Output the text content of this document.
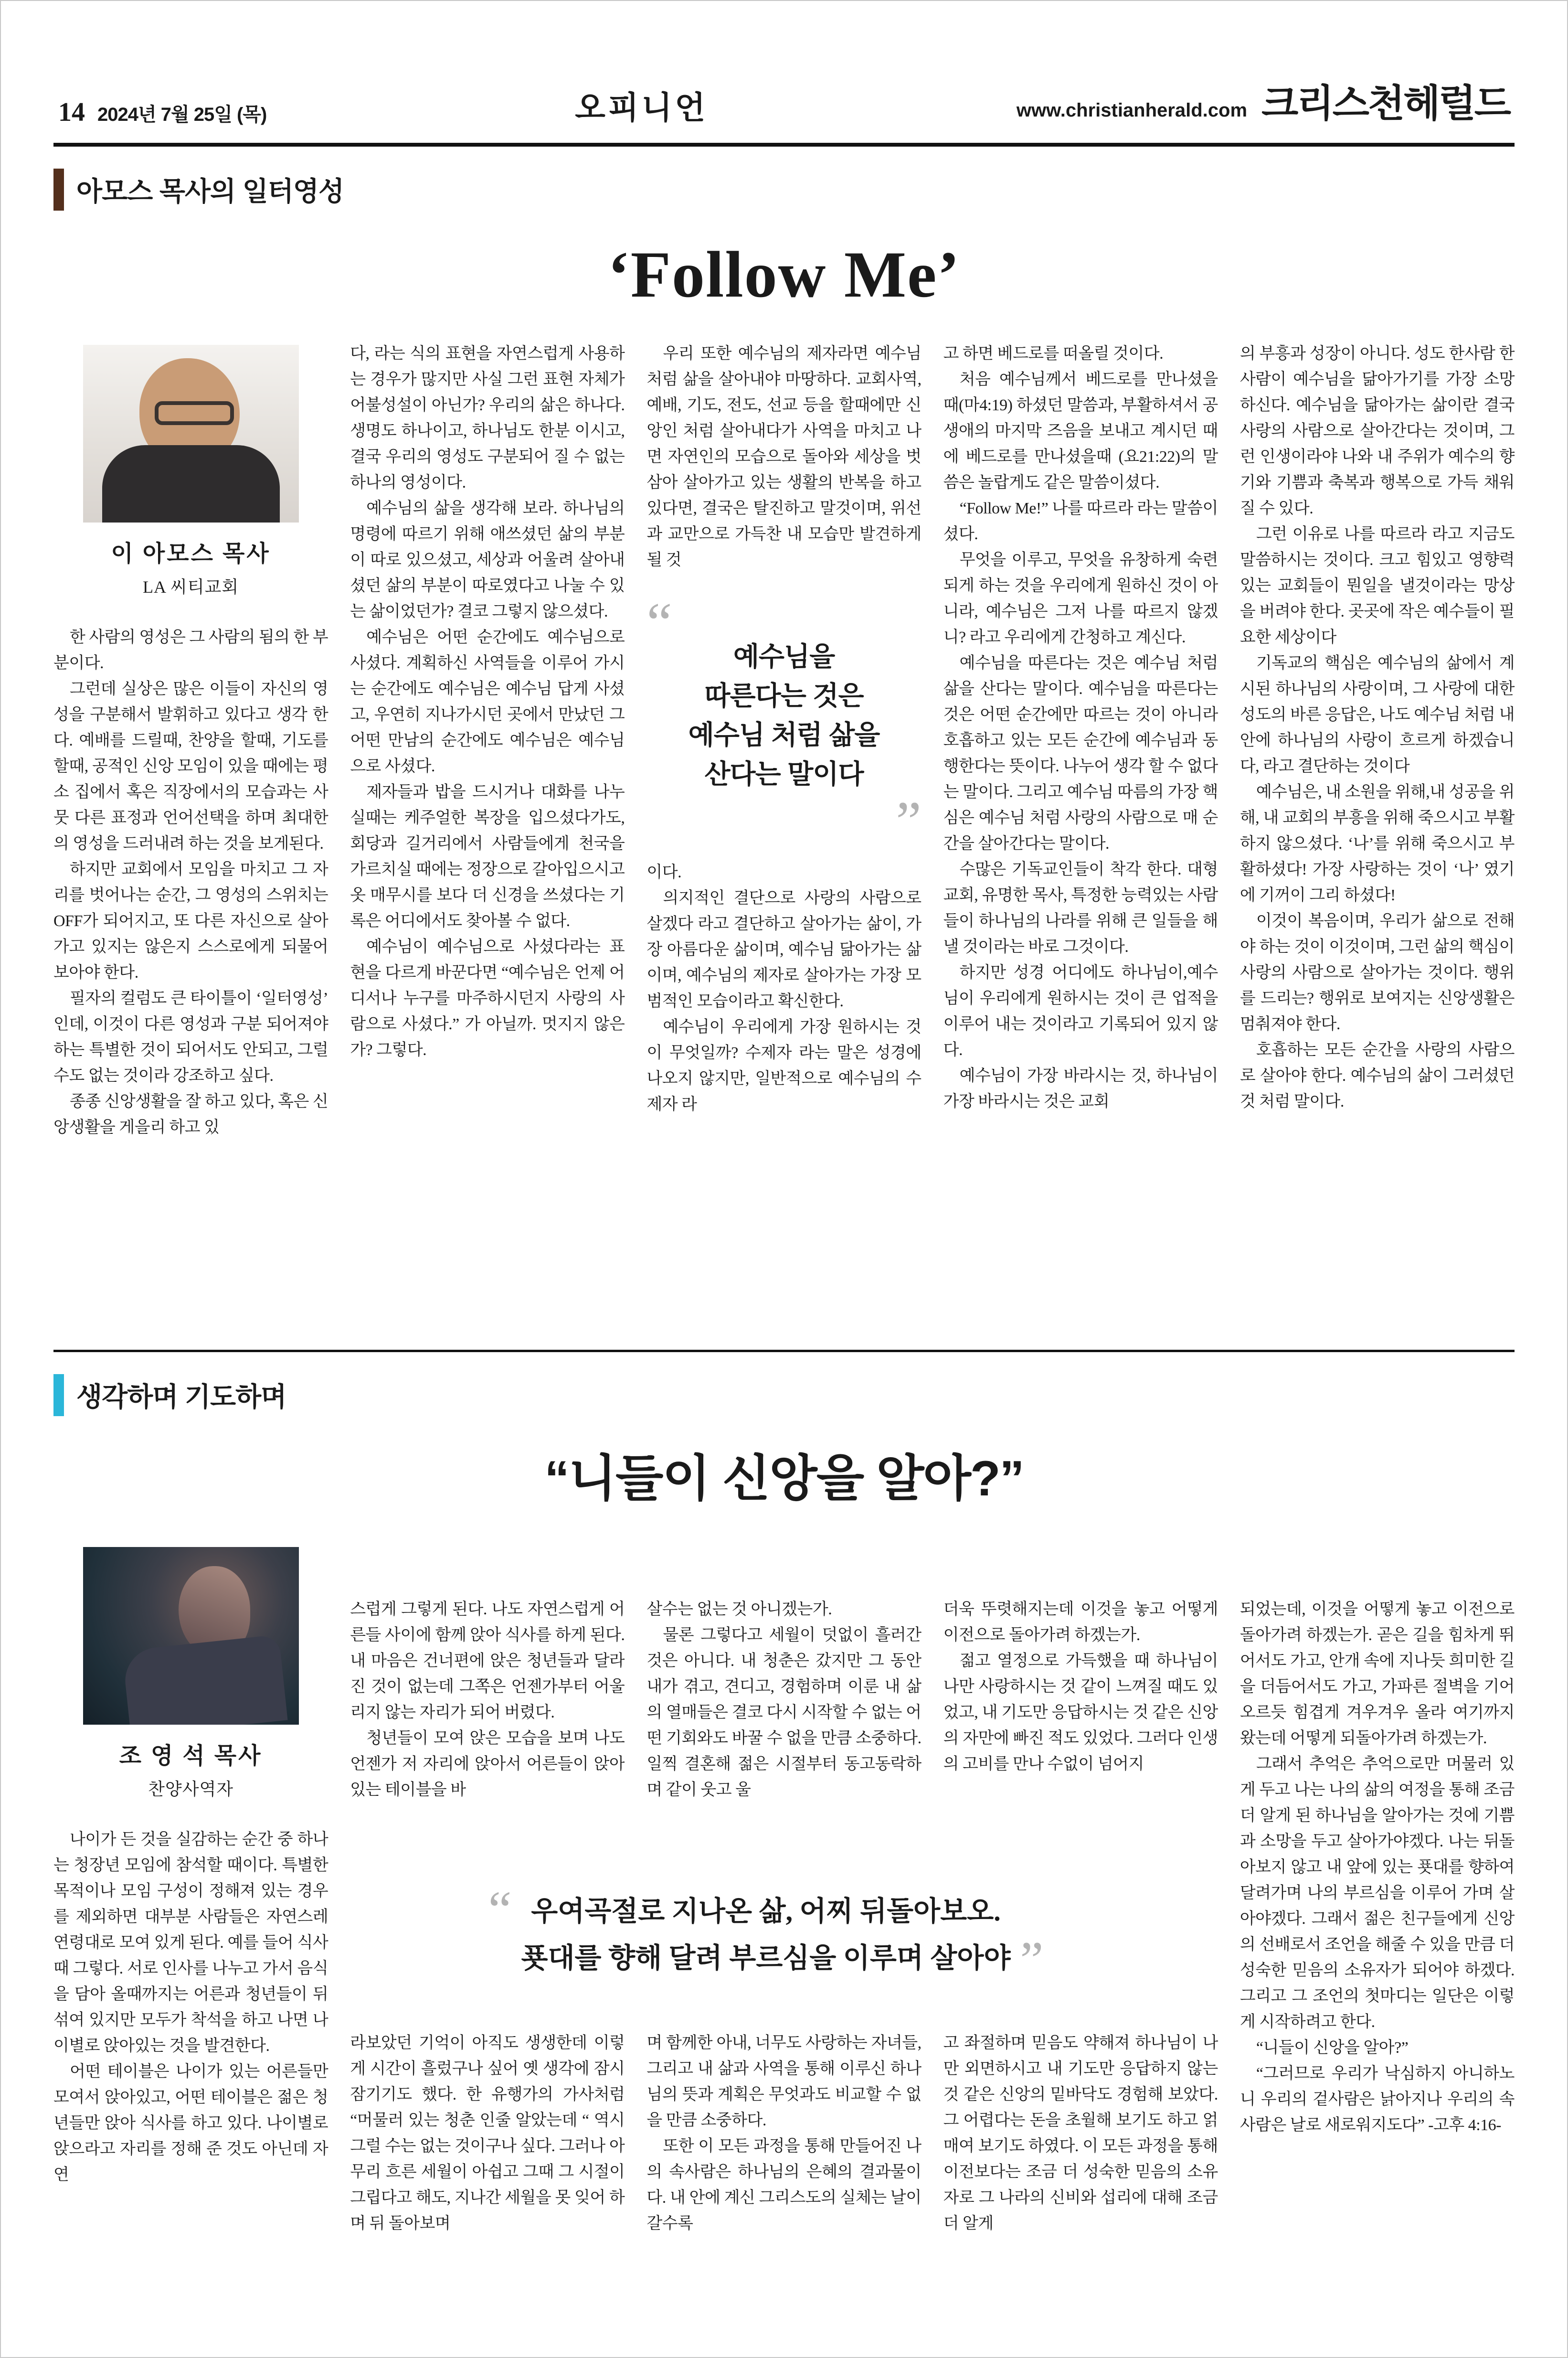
14 2024년 7월 25일 (목)	오피니언	www.christianherald.com 크리스천헤럴드
아모스 목사의 일터영성
‘Follow Me’
이 아모스 목사
LA 씨티교회

한 사람의 영성은 그 사람의 됨의 한 부분이다.

그런데 실상은 많은 이들이 자신의 영성을 구분해서 발휘하고 있다고 생각 한다. 예배를 드릴때, 찬양을 할때, 기도를 할때, 공적인 신앙 모임이 있을 때에는 평소 집에서 혹은 직장에서의 모습과는 사뭇 다른 표정과 언어선택을 하며 최대한의 영성을 드러내려 하는 것을 보게된다.

하지만 교회에서 모임을 마치고 그 자리를 벗어나는 순간, 그 영성의 스위치는 OFF가 되어지고, 또 다른 자신으로 살아가고 있지는 않은지 스스로에게 되물어 보아야 한다.

필자의 컬럼도 큰 타이틀이 ‘일터영성’ 인데, 이것이 다른 영성과 구분 되어져야 하는 특별한 것이 되어서도 안되고, 그럴수도 없는 것이라 강조하고 싶다.

종종 신앙생활을 잘 하고 있다, 혹은 신앙생활을 게을리 하고 있

다, 라는 식의 표현을 자연스럽게 사용하는 경우가 많지만 사실 그런 표현 자체가 어불성설이 아닌가? 우리의 삶은 하나다. 생명도 하나이고, 하나님도 한분 이시고, 결국 우리의 영성도 구분되어 질 수 없는 하나의 영성이다.

예수님의 삶을 생각해 보라. 하나님의 명령에 따르기 위해 애쓰셨던 삶의 부분이 따로 있으셨고, 세상과 어울려 살아내셨던 삶의 부분이 따로였다고 나눌 수 있는 삶이었던가? 결코 그렇지 않으셨다.

예수님은 어떤 순간에도 예수님으로 사셨다. 계획하신 사역들을 이루어 가시는 순간에도 예수님은 예수님 답게 사셨고, 우연히 지나가시던 곳에서 만났던 그 어떤 만남의 순간에도 예수님은 예수님으로 사셨다.

제자들과 밥을 드시거나 대화를 나누실때는 케주얼한 복장을 입으셨다가도, 회당과 길거리에서 사람들에게 천국을 가르치실 때에는 정장으로 갈아입으시고 옷 매무시를 보다 더 신경을 쓰셨다는 기록은 어디에서도 찾아볼 수 없다.

예수님이 예수님으로 사셨다라는 표현을 다르게 바꾼다면 “예수님은 언제 어디서나 누구를 마주하시던지 사랑의 사람으로 사셨다.” 가 아닐까. 멋지지 않은가? 그렇다.

우리 또한 예수님의 제자라면 예수님 처럼 삶을 살아내야 마땅하다. 교회사역, 예배, 기도, 전도, 선교 등을 할때에만 신앙인 처럼 살아내다가 사역을 마치고 나면 자연인의 모습으로 돌아와 세상을 벗삼아 살아가고 있는 생활의 반복을 하고 있다면, 결국은 탈진하고 말것이며, 위선과 교만으로 가득찬 내 모습만 발견하게 될 것

“
예수님을
따른다는 것은
예수님 처럼 삶을
산다는 말이다
”

이다.

의지적인 결단으로 사랑의 사람으로 살겠다 라고 결단하고 살아가는 삶이, 가장 아름다운 삶이며, 예수님 닮아가는 삶이며, 예수님의 제자로 살아가는 가장 모범적인 모습이라고 확신한다.

예수님이 우리에게 가장 원하시는 것이 무엇일까? 수제자 라는 말은 성경에 나오지 않지만, 일반적으로 예수님의 수제자 라

고 하면 베드로를 떠올릴 것이다.

처음 예수님께서 베드로를 만나셨을때(마4:19) 하셨던 말씀과, 부활하셔서 공생애의 마지막 즈음을 보내고 계시던 때에 베드로를 만나셨을때 (요21:22)의 말씀은 놀랍게도 같은 말씀이셨다.

“Follow Me!” 나를 따르라 라는 말씀이셨다.

무엇을 이루고, 무엇을 유창하게 숙련되게 하는 것을 우리에게 원하신 것이 아니라, 예수님은 그저 나를 따르지 않겠니? 라고 우리에게 간청하고 계신다.

예수님을 따른다는 것은 예수님 처럼 삶을 산다는 말이다. 예수님을 따른다는 것은 어떤 순간에만 따르는 것이 아니라 호흡하고 있는 모든 순간에 예수님과 동행한다는 뜻이다. 나누어 생각 할 수 없다는 말이다. 그리고 예수님 따름의 가장 핵심은 예수님 처럼 사랑의 사람으로 매 순간을 살아간다는 말이다.

수많은 기독교인들이 착각 한다. 대형교회, 유명한 목사, 특정한 능력있는 사람들이 하나님의 나라를 위해 큰 일들을 해 낼 것이라는 바로 그것이다.

하지만 성경 어디에도 하나님이,예수님이 우리에게 원하시는 것이 큰 업적을 이루어 내는 것이라고 기록되어 있지 않다.

예수님이 가장 바라시는 것, 하나님이 가장 바라시는 것은 교회

의 부흥과 성장이 아니다. 성도 한사람 한사람이 예수님을 닮아가기를 가장 소망하신다. 예수님을 닮아가는 삶이란 결국 사랑의 사람으로 살아간다는 것이며, 그런 인생이라야 나와 내 주위가 예수의 향기와 기쁨과 축복과 행복으로 가득 채워질 수 있다.

그런 이유로 나를 따르라 라고 지금도 말씀하시는 것이다. 크고 힘있고 영향력 있는 교회들이 뭔일을 낼것이라는 망상을 버려야 한다. 곳곳에 작은 예수들이 필요한 세상이다

기독교의 핵심은 예수님의 삶에서 계시된 하나님의 사랑이며, 그 사랑에 대한 성도의 바른 응답은, 나도 예수님 처럼 내 안에 하나님의 사랑이 흐르게 하겠습니다, 라고 결단하는 것이다

예수님은, 내 소원을 위해,내 성공을 위해, 내 교회의 부흥을 위해 죽으시고 부활하지 않으셨다. ‘나’를 위해 죽으시고 부활하셨다! 가장 사랑하는 것이 ‘나’ 였기에 기꺼이 그리 하셨다!

이것이 복음이며, 우리가 삶으로 전해야 하는 것이 이것이며, 그런 삶의 핵심이 사랑의 사람으로 살아가는 것이다. 행위를 드리는? 행위로 보여지는 신앙생활은 멈춰져야 한다.

호흡하는 모든 순간을 사랑의 사람으로 살아야 한다. 예수님의 삶이 그러셨던 것 처럼 말이다.

생각하며 기도하며
“니들이 신앙을 알아?”
조 영 석 목사
찬양사역자

나이가 든 것을 실감하는 순간 중 하나는 청장년 모임에 참석할 때이다. 특별한 목적이나 모임 구성이 정해져 있는 경우를 제외하면 대부분 사람들은 자연스레 연령대로 모여 있게 된다. 예를 들어 식사 때 그렇다. 서로 인사를 나누고 가서 음식을 담아 올때까지는 어른과 청년들이 뒤섞여 있지만 모두가 착석을 하고 나면 나이별로 앉아있는 것을 발견한다.

어떤 테이블은 나이가 있는 어른들만 모여서 앉아있고, 어떤 테이블은 젊은 청년들만 앉아 식사를 하고 있다. 나이별로 앉으라고 자리를 정해 준 것도 아닌데 자연

스럽게 그렇게 된다. 나도 자연스럽게 어른들 사이에 함께 앉아 식사를 하게 된다. 내 마음은 건너편에 앉은 청년들과 달라진 것이 없는데 그쪽은 언젠가부터 어울리지 않는 자리가 되어 버렸다.

청년들이 모여 앉은 모습을 보며 나도 언젠가 저 자리에 앉아서 어른들이 앉아 있는 테이블을 바

라보았던 기억이 아직도 생생한데 이렇게 시간이 흘렀구나 싶어 옛 생각에 잠시 잠기기도 했다. 한 유행가의 가사처럼 “머물러 있는 청춘 인줄 알았는데 “ 역시 그럴 수는 없는 것이구나 싶다. 그러나 아무리 흐른 세월이 아쉽고 그때 그 시절이 그립다고 해도, 지나간 세월을 못 잊어 하며 뒤 돌아보며

살수는 없는 것 아니겠는가.

물론 그렇다고 세월이 덧없이 흘러간 것은 아니다. 내 청춘은 갔지만 그 동안 내가 겪고, 견디고, 경험하며 이룬 내 삶의 열매들은 결코 다시 시작할 수 없는 어떤 기회와도 바꿀 수 없을 만큼 소중하다. 일찍 결혼해 젊은 시절부터 동고동락하며 같이 웃고 울

며 함께한 아내, 너무도 사랑하는 자녀들, 그리고 내 삶과 사역을 통해 이루신 하나님의 뜻과 계획은 무엇과도 비교할 수 없을 만큼 소중하다.

또한 이 모든 과정을 통해 만들어진 나의 속사람은 하나님의 은혜의 결과물이다. 내 안에 계신 그리스도의 실체는 날이 갈수록

더욱 뚜렷해지는데 이것을 놓고 어떻게 이전으로 돌아가려 하겠는가.

젊고 열정으로 가득했을 때 하나님이 나만 사랑하시는 것 같이 느껴질 때도 있었고, 내 기도만 응답하시는 것 같은 신앙의 자만에 빠진 적도 있었다. 그러다 인생의 고비를 만나 수없이 넘어지

고 좌절하며 믿음도 약해져 하나님이 나만 외면하시고 내 기도만 응답하지 않는 것 같은 신앙의 밑바닥도 경험해 보았다. 그 어렵다는 돈을 초월해 보기도 하고 얽매여 보기도 하였다. 이 모든 과정을 통해 이전보다는 조금 더 성숙한 믿음의 소유자로 그 나라의 신비와 섭리에 대해 조금 더 알게

되었는데, 이것을 어떻게 놓고 이전으로 돌아가려 하겠는가. 곧은 길을 힘차게 뛰어서도 가고, 안개 속에 지나듯 희미한 길을 더듬어서도 가고, 가파른 절벽을 기어오르듯 힘겹게 겨우겨우 올라 여기까지 왔는데 어떻게 되돌아가려 하겠는가.

그래서 추억은 추억으로만 머물러 있게 두고 나는 나의 삶의 여정을 통해 조금 더 알게 된 하나님을 알아가는 것에 기쁨과 소망을 두고 살아가야겠다. 나는 뒤돌아보지 않고 내 앞에 있는 푯대를 향하여 달려가며 나의 부르심을 이루어 가며 살아야겠다. 그래서 젊은 친구들에게 신앙의 선배로서 조언을 해줄 수 있을 만큼 더 성숙한 믿음의 소유자가 되어야 하겠다. 그리고 그 조언의 첫마디는 일단은 이렇게 시작하려고 한다.

“니들이 신앙을 알아?”

“그러므로 우리가 낙심하지 아니하노니 우리의 겉사람은 낡아지나 우리의 속사람은 날로 새로워지도다” -고후 4:16-

“ 우여곡절로 지나온 삶, 어찌 뒤돌아보오.
푯대를 향해 달려 부르심을 이루며 살아야 ”
